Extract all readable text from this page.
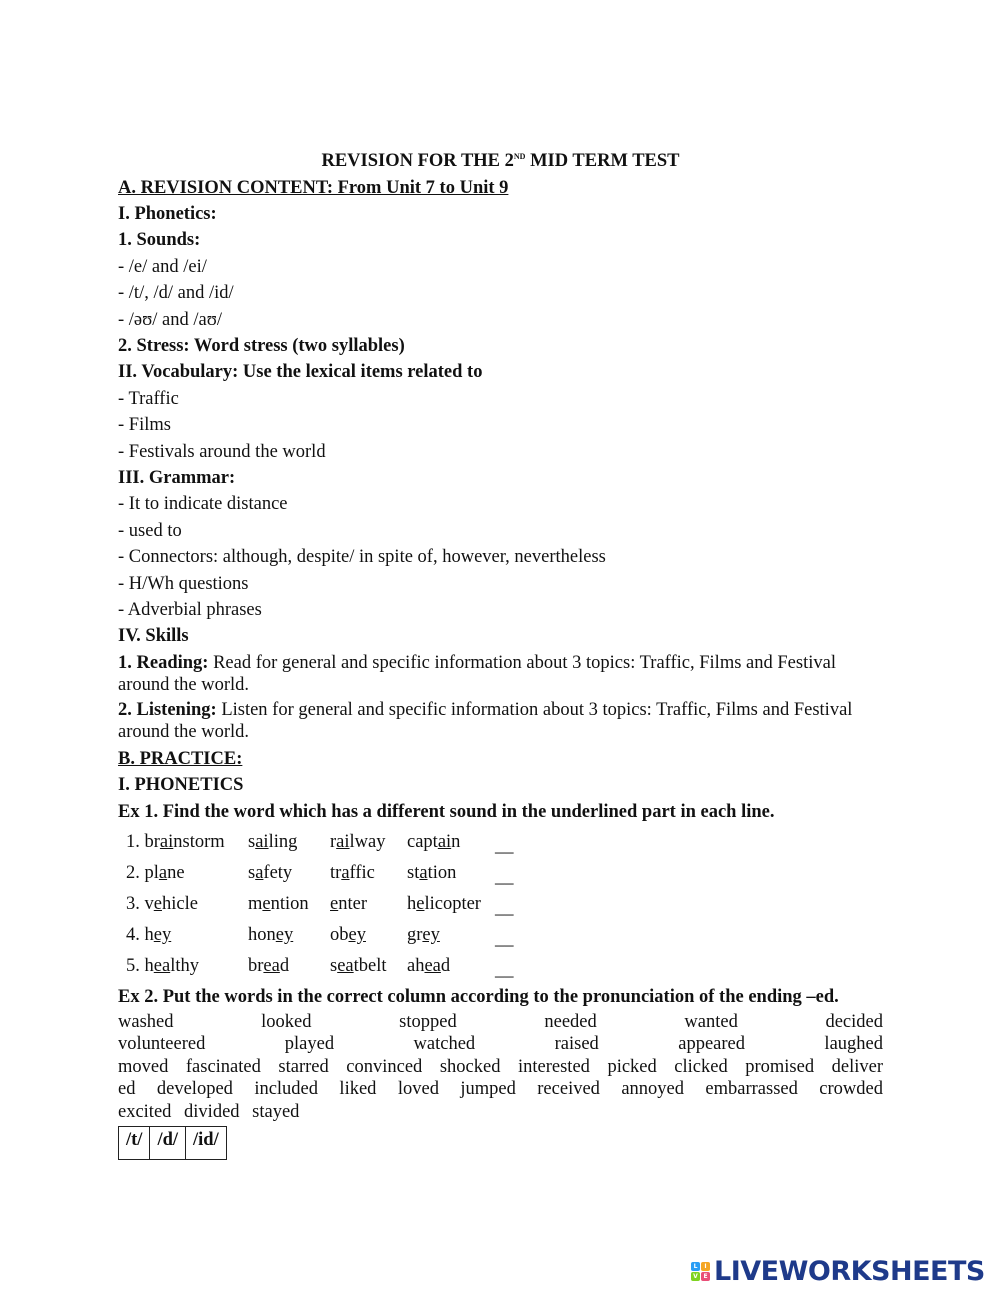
REVISION FOR THE 2ND MID TERM TEST
A. REVISION CONTENT: From Unit 7 to Unit 9
I. Phonetics:
1. Sounds:
- /e/ and /ei/
- /t/, /d/ and /id/
- /əʊ/ and /aʊ/
2. Stress: Word stress (two syllables)
II. Vocabulary: Use the lexical items related to
- Traffic
- Films
- Festivals around the world
III. Grammar:
- It to indicate distance
- used to
- Connectors: although, despite/ in spite of, however, nevertheless
- H/Wh questions
- Adverbial phrases
IV. Skills
1. Reading: Read for general and specific information about 3 topics: Traffic, Films and Festival around the world.
2. Listening: Listen for general and specific information about 3 topics: Traffic, Films and Festival around the world.
B. PRACTICE:
I. PHONETICS
Ex 1. Find the word which has a different sound in the underlined part in each line.
1. brainstorm	sailing	railway	captain	__

2. plane	safety	traffic	station	__

3. vehicle	mention	enter	helicopter	__

4. hey	honey	obey	grey	__

5. healthy	bread	seatbelt	ahead	__
Ex 2. Put the words in the correct column according to the pronunciation of the ending –ed.
washed looked stopped needed wanted decided
volunteered played watched raised appeared laughed
moved fascinated starred convinced shocked interested picked clicked promised deliver
ed developed included liked loved jumped received annoyed embarrassed crowded
excited divided stayed
/t/	/d/	/id/
L	I
V E LIVEWORKSHEETS
